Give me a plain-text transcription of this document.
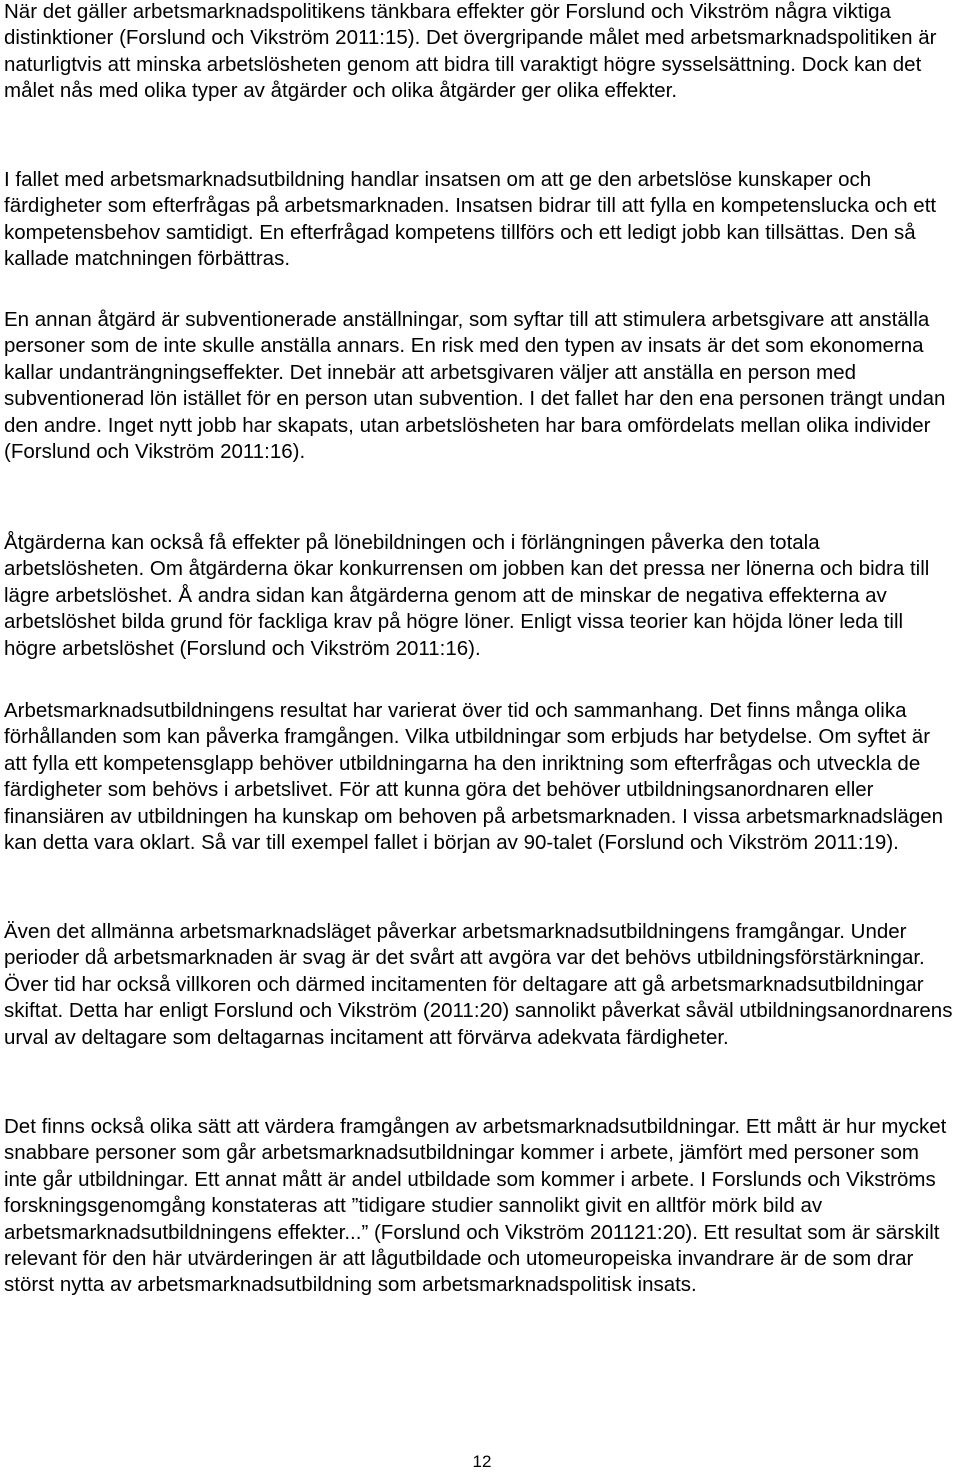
När det gäller arbetsmarknadspolitikens tänkbara effekter gör Forslund och Vikström några viktiga distinktioner (Forslund och Vikström 2011:15). Det övergripande målet med arbetsmarknadspolitiken är naturligtvis att minska arbetslösheten genom att bidra till varaktigt högre sysselsättning. Dock kan det målet nås med olika typer av åtgärder och olika åtgärder ger olika effekter.

I fallet med arbetsmarknadsutbildning handlar insatsen om att ge den arbetslöse kunskaper och färdigheter som efterfrågas på arbetsmarknaden. Insatsen bidrar till att fylla en kompetenslucka och ett kompetensbehov samtidigt. En efterfrågad kompetens tillförs och ett ledigt jobb kan tillsättas. Den så kallade matchningen förbättras.

En annan åtgärd är subventionerade anställningar, som syftar till att stimulera arbetsgivare att anställa personer som de inte skulle anställa annars. En risk med den typen av insats är det som ekonomerna kallar undanträngningseffekter. Det innebär att arbetsgivaren väljer att anställa en person med subventionerad lön istället för en person utan subvention. I det fallet har den ena personen trängt undan den andre. Inget nytt jobb har skapats, utan arbetslösheten har bara omfördelats mellan olika individer (Forslund och Vikström 2011:16).

Åtgärderna kan också få effekter på lönebildningen och i förlängningen påverka den totala arbetslösheten. Om åtgärderna ökar konkurrensen om jobben kan det pressa ner lönerna och bidra till lägre arbetslöshet. Å andra sidan kan åtgärderna genom att de minskar de negativa effekterna av arbetslöshet bilda grund för fackliga krav på högre löner. Enligt vissa teorier kan höjda löner leda till högre arbetslöshet (Forslund och Vikström 2011:16).

Arbetsmarknadsutbildningens resultat har varierat över tid och sammanhang. Det finns många olika förhållanden som kan påverka framgången. Vilka utbildningar som erbjuds har betydelse. Om syftet är att fylla ett kompetensglapp behöver utbildningarna ha den inriktning som efterfrågas och utveckla de färdigheter som behövs i arbetslivet. För att kunna göra det behöver utbildningsanordnaren eller finansiären av utbildningen ha kunskap om behoven på arbetsmarknaden. I vissa arbetsmarknadslägen kan detta vara oklart. Så var till exempel fallet i början av 90-talet (Forslund och Vikström 2011:19).

Även det allmänna arbetsmarknadsläget påverkar arbetsmarknadsutbildningens framgångar. Under perioder då arbetsmarknaden är svag är det svårt att avgöra var det behövs utbildningsförstärkningar. Över tid har också villkoren och därmed incitamenten för deltagare att gå arbetsmarknadsutbildningar skiftat. Detta har enligt Forslund och Vikström (2011:20) sannolikt påverkat såväl utbildningsanordnarens urval av deltagare som deltagarnas incitament att förvärva adekvata färdigheter.

Det finns också olika sätt att värdera framgången av arbetsmarknadsutbildningar. Ett mått är hur mycket snabbare personer som går arbetsmarknadsutbildningar kommer i arbete, jämfört med personer som inte går utbildningar. Ett annat mått är andel utbildade som kommer i arbete. I Forslunds och Vikströms forskningsgenomgång konstateras att ”tidigare studier sannolikt givit en alltför mörk bild av arbetsmarknadsutbildningens effekter...” (Forslund och Vikström 201121:20). Ett resultat som är särskilt relevant för den här utvärderingen är att lågutbildade och utomeuropeiska invandrare är de som drar störst nytta av arbetsmarknadsutbildning som arbetsmarknadspolitisk insats.

12
